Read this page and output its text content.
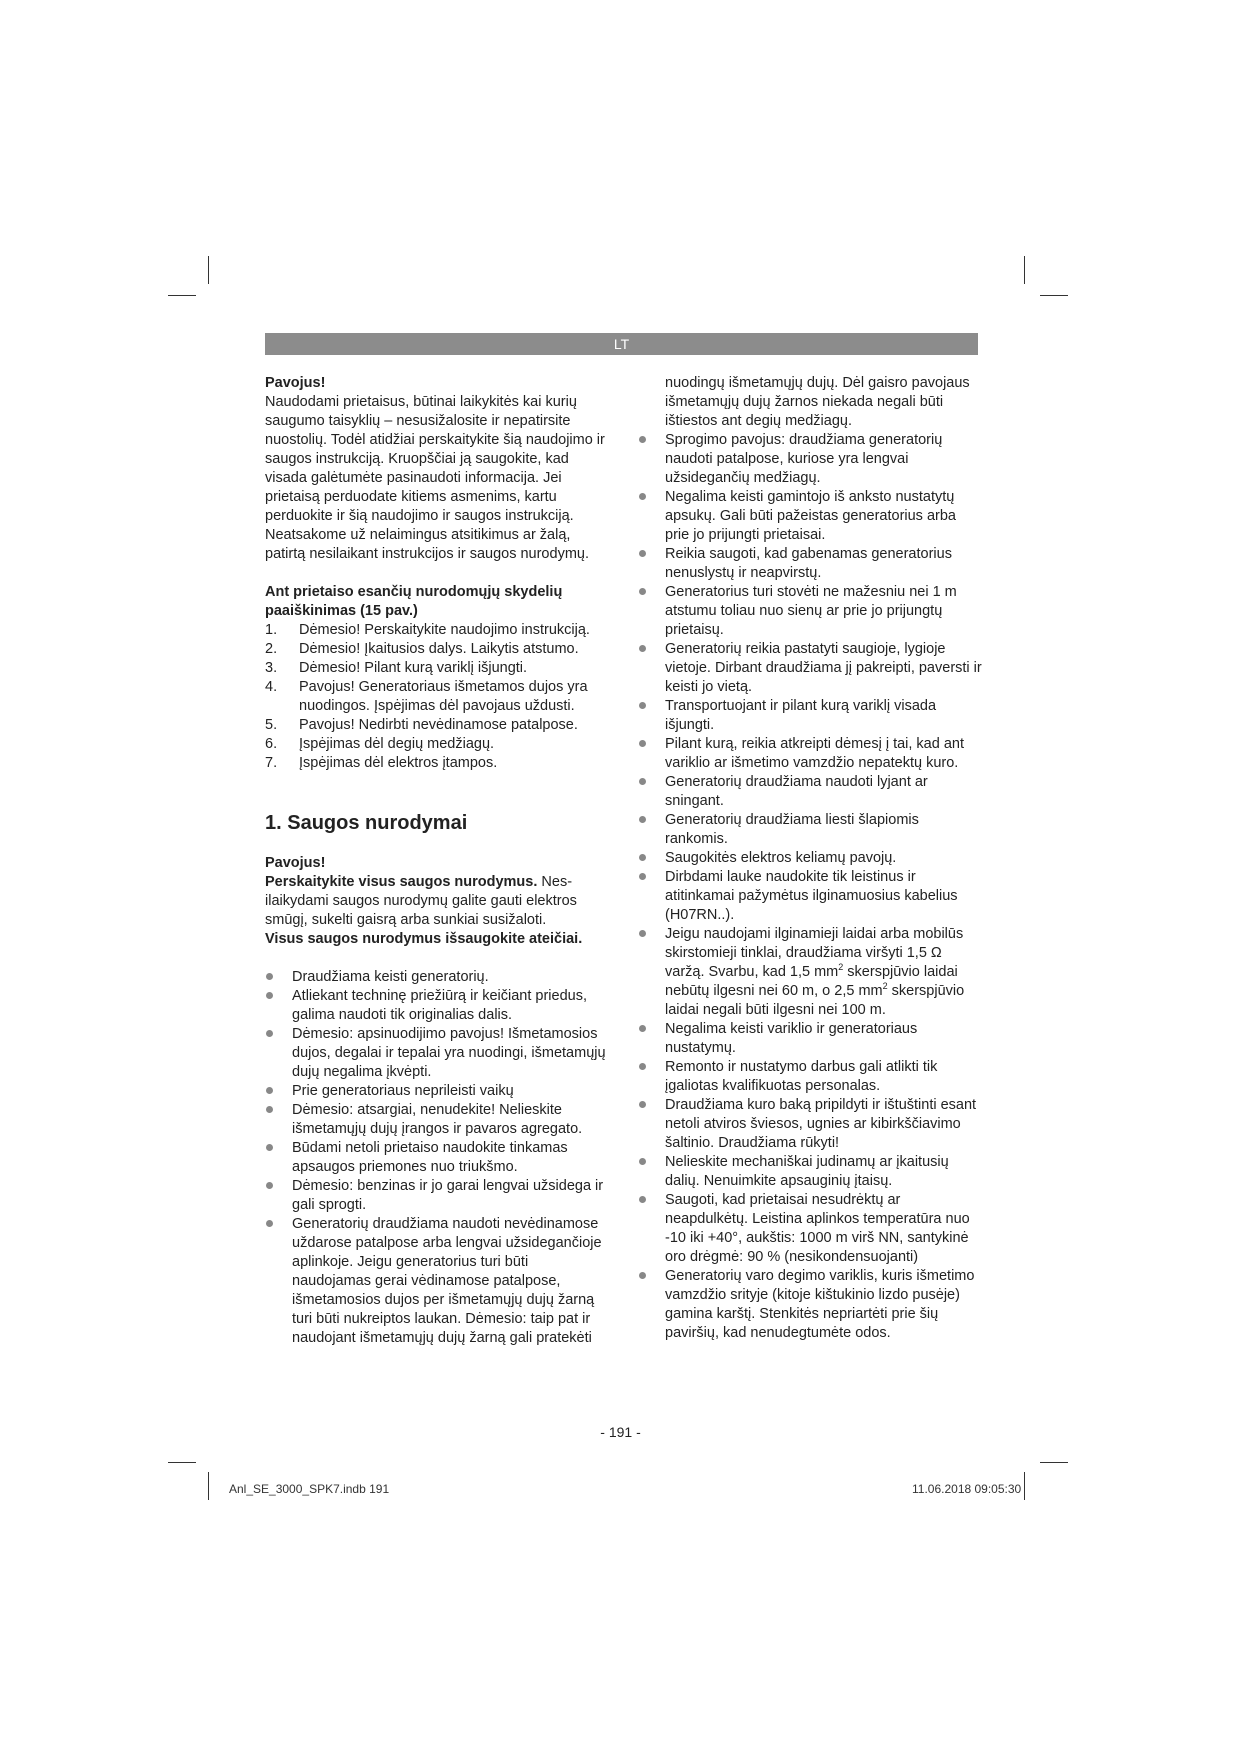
LT

Pavojus!

Naudodami prietaisus, būtinai laikykitės kai kurių saugumo taisyklių – nesusižalosite ir nepatirsite nuostolių. Todėl atidžiai perskaitykite šią naudojimo ir saugos instrukciją. Kruopščiai ją saugokite, kad visada galėtumėte pasinaudoti informacija. Jei prietaisą perduodate kitiems asmenims, kartu perduokite ir šią naudojimo ir saugos instrukciją. Neatsakome už nelaimingus atsitikimus ar žalą, patirtą nesilaikant instrukcijos ir saugos nurodymų.

Ant prietaiso esančių nurodomųjų skydelių paaiškinimas (15 pav.)

1. Dėmesio! Perskaitykite naudojimo instrukciją.
2. Dėmesio! Įkaitusios dalys. Laikytis atstumo.
3. Dėmesio! Pilant kurą variklį išjungti.
4. Pavojus! Generatoriaus išmetamos dujos yra nuodingos. Įspėjimas dėl pavojaus uždusti.
5. Pavojus! Nedirbti nevėdinamose patalpose.
6. Įspėjimas dėl degių medžiagų.
7. Įspėjimas dėl elektros įtampos.

1. Saugos nurodymai

Pavojus!

Perskaitykite visus saugos nurodymus. Nesilaikydami saugos nurodymų galite gauti elektros smūgį, sukelti gaisrą arba sunkiai susižaloti.

Visus saugos nurodymus išsaugokite ateičiai.

Draudžiama keisti generatorių.
Atliekant techninę priežiūrą ir keičiant priedus, galima naudoti tik originalias dalis.
Dėmesio: apsinuodijimo pavojus! Išmetamosios dujos, degalai ir tepalai yra nuodingi, išmetamųjų dujų negalima įkvėpti.
Prie generatoriaus neprileisti vaikų
Dėmesio: atsargiai, nenudekite! Nelieskite išmetamųjų dujų įrangos ir pavaros agregato.
Būdami netoli prietaiso naudokite tinkamas apsaugos priemones nuo triukšmo.
Dėmesio: benzinas ir jo garai lengvai užsidega ir gali sprogti.
Generatorių draudžiama naudoti nevėdinamose uždarose patalpose arba lengvai užsidegančioje aplinkoje. Jeigu generatorius turi būti naudojamas gerai vėdinamose patalpose, išmetamosios dujos per išmetamųjų dujų žarną turi būti nukreiptos laukan. Dėmesio: taip pat ir naudojant išmetamųjų dujų žarną gali pratekėti

nuodingų išmetamųjų dujų. Dėl gaisro pavojaus išmetamųjų dujų žarnos niekada negali būti ištiestos ant degių medžiagų.

Sprogimo pavojus: draudžiama generatorių naudoti patalpose, kuriose yra lengvai užsidegančių medžiagų.
Negalima keisti gamintojo iš anksto nustatytų apsukų. Gali būti pažeistas generatorius arba prie jo prijungti prietaisai.
Reikia saugoti, kad gabenamas generatorius nenuslystų ir neapvirstų.
Generatorius turi stovėti ne mažesniu nei 1 m atstumu toliau nuo sienų ar prie jo prijungtų prietaisų.
Generatorių reikia pastatyti saugioje, lygioje vietoje. Dirbant draudžiama jį pakreipti, paversti ir keisti jo vietą.
Transportuojant ir pilant kurą variklį visada išjungti.
Pilant kurą, reikia atkreipti dėmesį į tai, kad ant variklio ar išmetimo vamzdžio nepatektų kuro.
Generatorių draudžiama naudoti lyjant ar sningant.
Generatorių draudžiama liesti šlapiomis rankomis.
Saugokitės elektros keliamų pavojų.
Dirbdami lauke naudokite tik leistinus ir atitinkamai pažymėtus ilginamuosius kabelius (H07RN..).
Jeigu naudojami ilginamieji laidai arba mobilūs skirstomieji tinklai, draudžiama viršyti 1,5 Ω varžą. Svarbu, kad 1,5 $mm^2$ skerspjūvio laidai nebūtų ilgesni nei 60 m, o 2,5 $mm^2$ skerspjūvio laidai negali būti ilgesni nei 100 m.
Negalima keisti variklio ir generatoriaus nustatymų.
Remonto ir nustatymo darbus gali atlikti tik įgaliotas kvalifikuotas personalas.
Draudžiama kuro baką pripildyti ir ištuštinti esant netoli atviros šviesos, ugnies ar kibirkščiavimo šaltinio. Draudžiama rūkyti!
Nelieskite mechaniškai judinamų ar įkaitusių dalių. Nenuimkite apsauginių įtaisų.
Saugoti, kad prietaisai nesudrėktų ar neapdulkėtų. Leistina aplinkos temperatūra nuo -10 iki +40°, aukštis: 1000 m virš NN, santykinė oro drėgmė: 90 % (nesikondensuojanti)
Generatorių varo degimo variklis, kuris išmetimo vamzdžio srityje (kitoje kištukinio lizdo pusėje) gamina karštį. Stenkitės nepriartėti prie šių paviršių, kad nenudegtumėte odos.
- 191 -
Anl_SE_3000_SPK7.indb 191	11.06.2018 09:05:30
